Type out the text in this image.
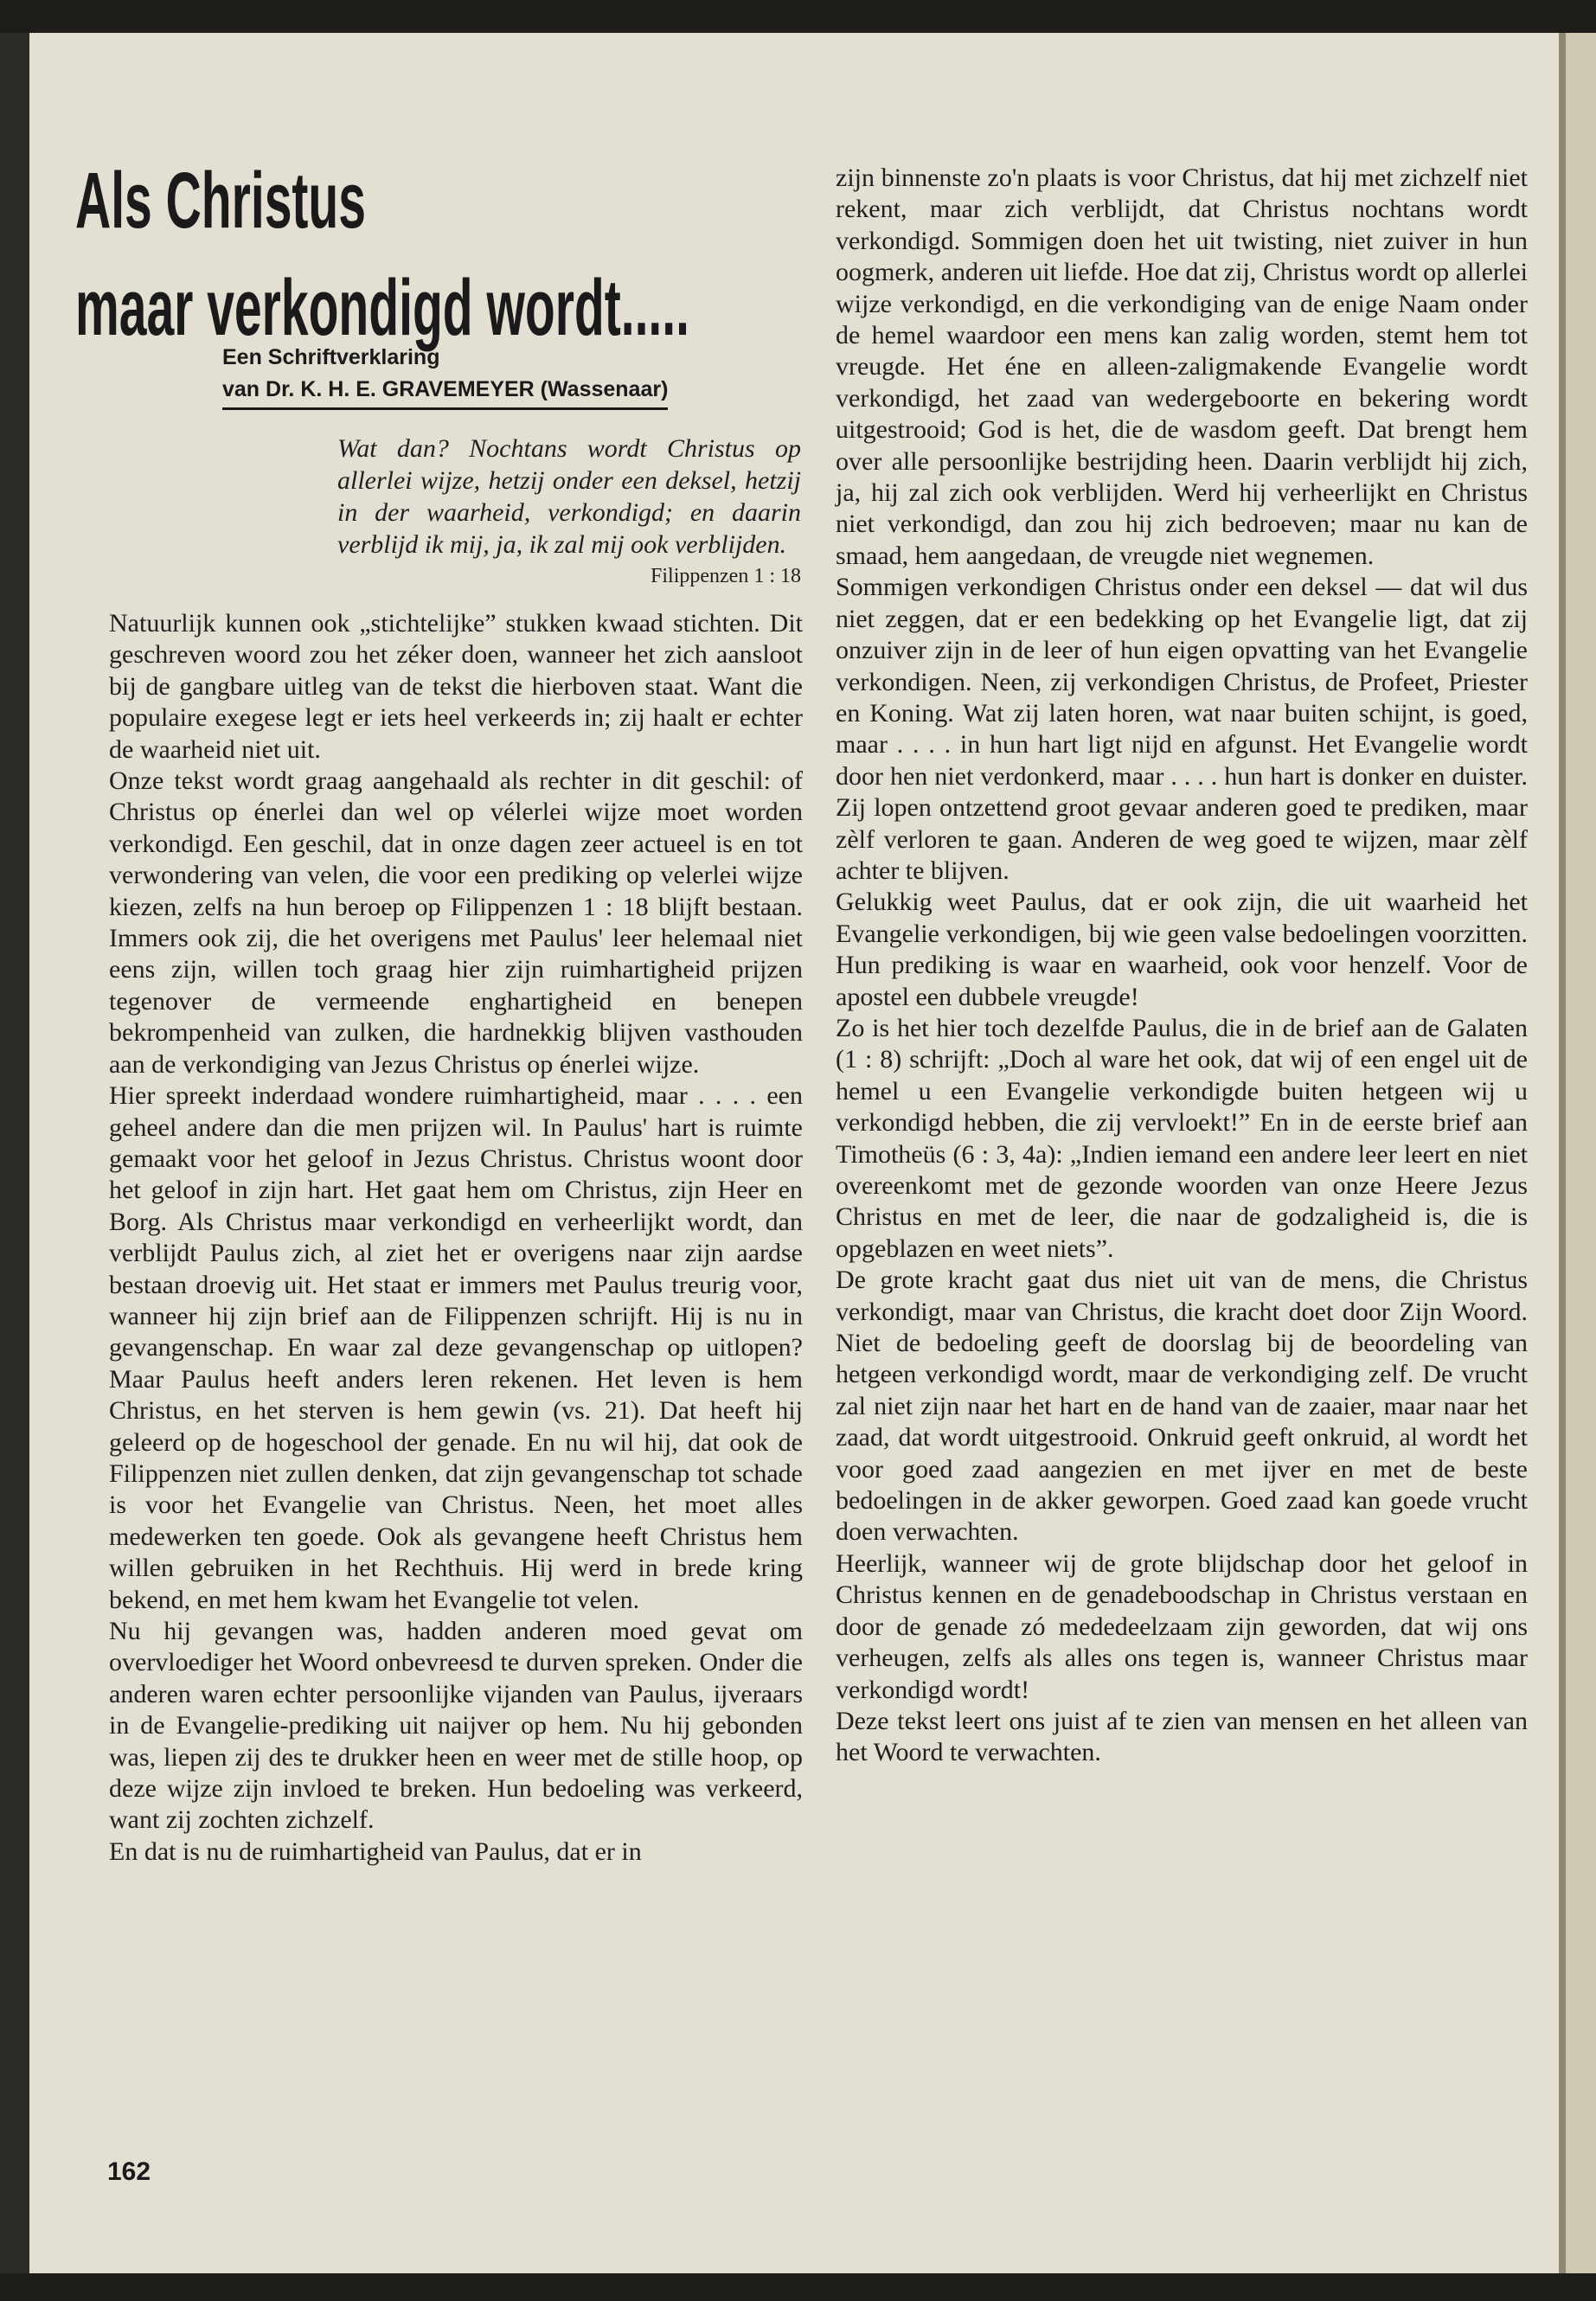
Als Christus
maar verkondigd wordt.....
Een Schriftverklaring
van Dr. K. H. E. GRAVEMEYER (Wassenaar)
Wat dan? Nochtans wordt Christus op allerlei wijze, hetzij onder een deksel, hetzij in der waarheid, verkondigd; en daarin verblijd ik mij, ja, ik zal mij ook verblijden.
Filippenzen 1 : 18

Natuurlijk kunnen ook „stichtelijke” stukken kwaad stichten. Dit geschreven woord zou het zéker doen, wanneer het zich aansloot bij de gangbare uitleg van de tekst die hierboven staat. Want die populaire exegese legt er iets heel verkeerds in; zij haalt er echter de waarheid niet uit.

Onze tekst wordt graag aangehaald als rechter in dit geschil: of Christus op énerlei dan wel op vélerlei wijze moet worden verkondigd. Een geschil, dat in onze dagen zeer actueel is en tot verwondering van velen, die voor een prediking op velerlei wijze kiezen, zelfs na hun beroep op Filippenzen 1 : 18 blijft bestaan. Immers ook zij, die het overigens met Paulus' leer helemaal niet eens zijn, willen toch graag hier zijn ruimhartigheid prijzen tegenover de vermeende enghartigheid en benepen bekrompenheid van zulken, die hardnekkig blijven vasthouden aan de verkondiging van Jezus Christus op énerlei wijze.

Hier spreekt inderdaad wondere ruimhartigheid, maar . . . . een geheel andere dan die men prijzen wil. In Paulus' hart is ruimte gemaakt voor het geloof in Jezus Christus. Christus woont door het geloof in zijn hart. Het gaat hem om Christus, zijn Heer en Borg. Als Christus maar verkondigd en verheerlijkt wordt, dan verblijdt Paulus zich, al ziet het er overigens naar zijn aardse bestaan droevig uit. Het staat er immers met Paulus treurig voor, wanneer hij zijn brief aan de Filippenzen schrijft. Hij is nu in gevangenschap. En waar zal deze gevangenschap op uitlopen? Maar Paulus heeft anders leren rekenen. Het leven is hem Christus, en het sterven is hem gewin (vs. 21). Dat heeft hij geleerd op de hogeschool der genade. En nu wil hij, dat ook de Filippenzen niet zullen denken, dat zijn gevangenschap tot schade is voor het Evangelie van Christus. Neen, het moet alles medewerken ten goede. Ook als gevangene heeft Christus hem willen gebruiken in het Rechthuis. Hij werd in brede kring bekend, en met hem kwam het Evangelie tot velen.

Nu hij gevangen was, hadden anderen moed gevat om overvloediger het Woord onbevreesd te durven spreken. Onder die anderen waren echter persoonlijke vijanden van Paulus, ijveraars in de Evangelie-prediking uit naijver op hem. Nu hij gebonden was, liepen zij des te drukker heen en weer met de stille hoop, op deze wijze zijn invloed te breken. Hun bedoeling was verkeerd, want zij zochten zichzelf.

En dat is nu de ruimhartigheid van Paulus, dat er in

zijn binnenste zo'n plaats is voor Christus, dat hij met zichzelf niet rekent, maar zich verblijdt, dat Christus nochtans wordt verkondigd. Sommigen doen het uit twisting, niet zuiver in hun oogmerk, anderen uit liefde. Hoe dat zij, Christus wordt op allerlei wijze verkondigd, en die verkondiging van de enige Naam onder de hemel waardoor een mens kan zalig worden, stemt hem tot vreugde. Het éne en alleen-zaligmakende Evangelie wordt verkondigd, het zaad van wedergeboorte en bekering wordt uitgestrooid; God is het, die de wasdom geeft. Dat brengt hem over alle persoonlijke bestrijding heen. Daarin verblijdt hij zich, ja, hij zal zich ook verblijden. Werd hij verheerlijkt en Christus niet verkondigd, dan zou hij zich bedroeven; maar nu kan de smaad, hem aangedaan, de vreugde niet wegnemen.

Sommigen verkondigen Christus onder een deksel — dat wil dus niet zeggen, dat er een bedekking op het Evangelie ligt, dat zij onzuiver zijn in de leer of hun eigen opvatting van het Evangelie verkondigen. Neen, zij verkondigen Christus, de Profeet, Priester en Koning. Wat zij laten horen, wat naar buiten schijnt, is goed, maar . . . . in hun hart ligt nijd en afgunst. Het Evangelie wordt door hen niet verdonkerd, maar . . . . hun hart is donker en duister. Zij lopen ontzettend groot gevaar anderen goed te prediken, maar zèlf verloren te gaan. Anderen de weg goed te wijzen, maar zèlf achter te blijven.

Gelukkig weet Paulus, dat er ook zijn, die uit waarheid het Evangelie verkondigen, bij wie geen valse bedoelingen voorzitten. Hun prediking is waar en waarheid, ook voor henzelf. Voor de apostel een dubbele vreugde!

Zo is het hier toch dezelfde Paulus, die in de brief aan de Galaten (1 : 8) schrijft: „Doch al ware het ook, dat wij of een engel uit de hemel u een Evangelie verkondigde buiten hetgeen wij u verkondigd hebben, die zij vervloekt!” En in de eerste brief aan Timotheüs (6 : 3, 4a): „Indien iemand een andere leer leert en niet overeenkomt met de gezonde woorden van onze Heere Jezus Christus en met de leer, die naar de godzaligheid is, die is opgeblazen en weet niets”.

De grote kracht gaat dus niet uit van de mens, die Christus verkondigt, maar van Christus, die kracht doet door Zijn Woord. Niet de bedoeling geeft de doorslag bij de beoordeling van hetgeen verkondigd wordt, maar de verkondiging zelf. De vrucht zal niet zijn naar het hart en de hand van de zaaier, maar naar het zaad, dat wordt uitgestrooid. Onkruid geeft onkruid, al wordt het voor goed zaad aangezien en met ijver en met de beste bedoelingen in de akker geworpen. Goed zaad kan goede vrucht doen verwachten.

Heerlijk, wanneer wij de grote blijdschap door het geloof in Christus kennen en de genadeboodschap in Christus verstaan en door de genade zó mededeelzaam zijn geworden, dat wij ons verheugen, zelfs als alles ons tegen is, wanneer Christus maar verkondigd wordt!

Deze tekst leert ons juist af te zien van mensen en het alleen van het Woord te verwachten.

162
